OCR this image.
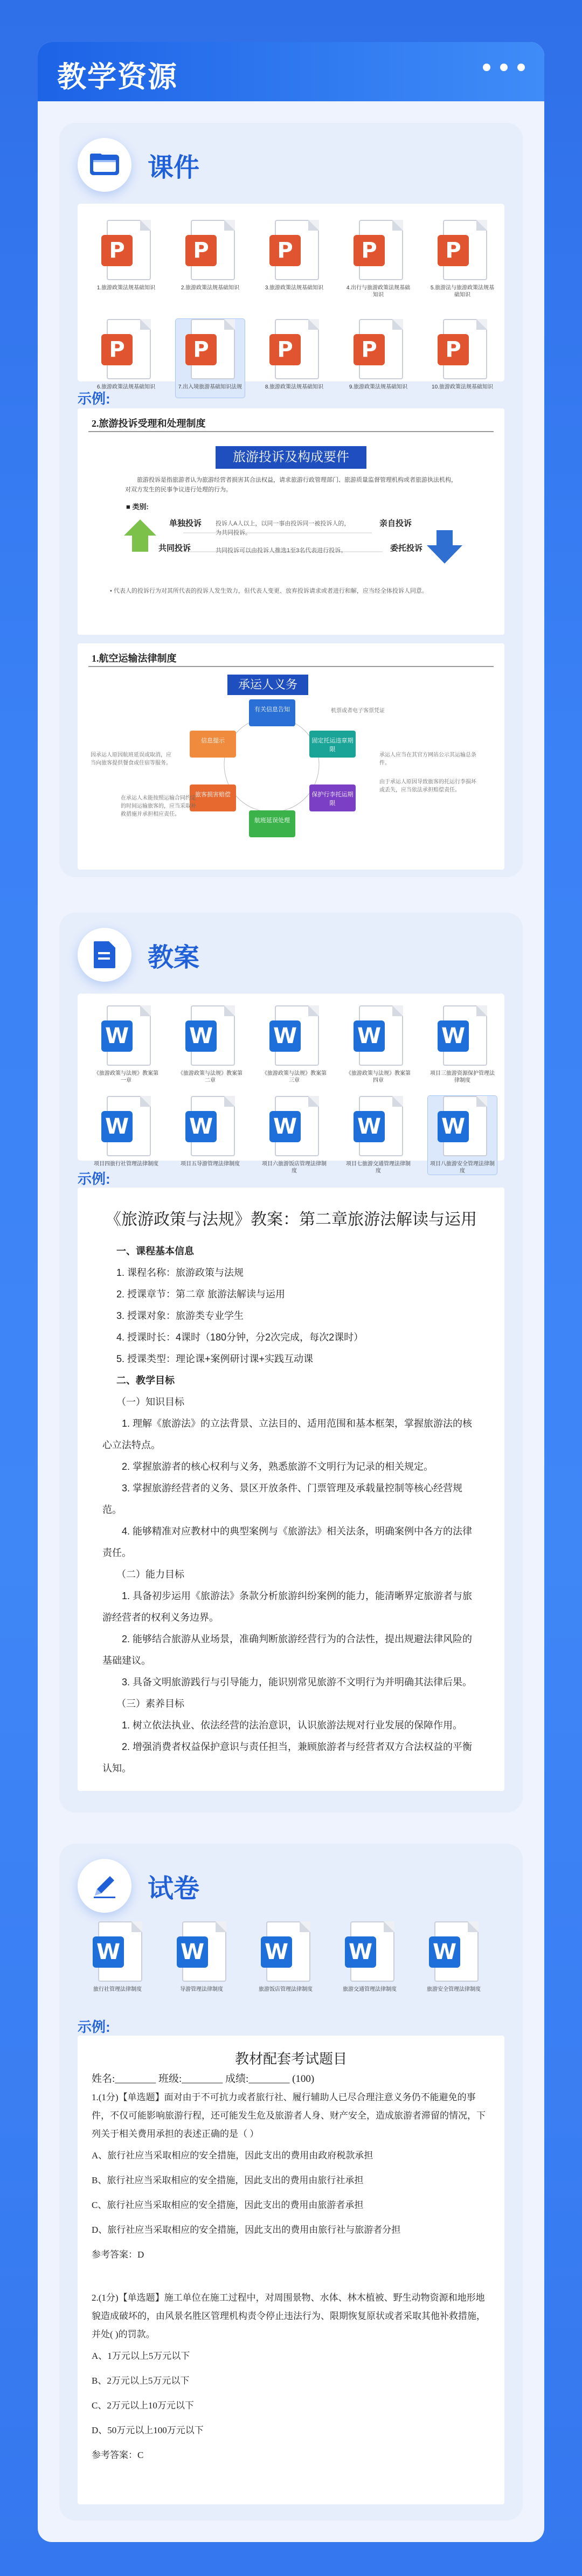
教学资源
课件
P
1.旅游政策法规基础知识
P
2.旅游政策法规基础知识
P
3.旅游政策法规基础知识
P
4.出行与旅游政策法规基础知识
P
5.旅游法与旅游政策法规基础知识
P
6.旅游政策法规基础知识
P
7.出入境旅游基础知识法规
P
8.旅游政策法规基础知识
P
9.旅游政策法规基础知识
P
10.旅游政策法规基础知识
示例:
2.旅游投诉受理和处理制度
旅游投诉及构成要件
旅游投诉是指旅游者认为旅游经营者损害其合法权益，请求旅游行政管理部门、旅游质量监督管理机构或者旅游执法机构，对双方发生的民事争议进行处理的行为。
■ 类别:
单独投诉
共同投诉
亲自投诉
委托投诉
投诉人A人以上，以同一事由投诉同一被投诉人的，为共同投诉。
共同投诉可以由投诉人推选1至3名代表进行投诉。
• 代表人的投诉行为对其所代表的投诉人发生效力，但代表人变更、放弃投诉请求或者进行和解，应当经全体投诉人同意。
1.航空运输法律制度
承运人义务
有关信息告知
固定托运违章期限
保护行李托运期限
航班延误处理
旅客损害赔偿
信息提示
机票或者电子客票凭证
因承运人原因航班延误或取消，应当向旅客提供餐食或住宿等服务。
在承运人未能按照运输合同约定的时间运输旅客的，应当采取补救措施并承担相应责任。
承运人应当在其官方网站公示其运输总条件。
由于承运人原因导致旅客的托运行李损坏或丢失，应当依法承担赔偿责任。
教案
W
《旅游政策与法规》教案第一章
W
《旅游政策与法规》教案第二章
W
《旅游政策与法规》教案第三章
W
《旅游政策与法规》教案第四章
W
项目三旅游资源保护管理法律制度
W
项目四旅行社管理法律制度
W
项目五导游管理法律制度
W
项目六旅游饭店管理法律制度
W
项目七旅游交通管理法律制度
W
项目八旅游安全管理法律制度
示例:
《旅游政策与法规》教案：第二章旅游法解读与运用

一、课程基本信息

1. 课程名称：旅游政策与法规

2. 授课章节：第二章 旅游法解读与运用

3. 授课对象：旅游类专业学生

4. 授课时长：4课时（180分钟，分2次完成，每次2课时）

5. 授课类型：理论课+案例研讨课+实践互动课

二、教学目标

（一）知识目标

1. 理解《旅游法》的立法背景、立法目的、适用范围和基本框架，掌握旅游法的核心立法特点。

2. 掌握旅游者的核心权利与义务，熟悉旅游不文明行为记录的相关规定。

3. 掌握旅游经营者的义务、景区开放条件、门票管理及承载量控制等核心经营规范。

4. 能够精准对应教材中的典型案例与《旅游法》相关法条，明确案例中各方的法律责任。

（二）能力目标

1. 具备初步运用《旅游法》条款分析旅游纠纷案例的能力，能清晰界定旅游者与旅游经营者的权利义务边界。

2. 能够结合旅游从业场景，准确判断旅游经营行为的合法性，提出规避法律风险的基础建议。

3. 具备文明旅游践行与引导能力，能识别常见旅游不文明行为并明确其法律后果。

（三）素养目标

1. 树立依法执业、依法经营的法治意识，认识旅游法规对行业发展的保障作用。

2. 增强消费者权益保护意识与责任担当，兼顾旅游者与经营者双方合法权益的平衡认知。

试卷
W
旅行社管理法律制度
W
导游管理法律制度
W
旅游饭店管理法律制度
W
旅游交通管理法律制度
W
旅游安全管理法律制度
示例:
教材配套考试题目
姓名:________ 班级:________ 成绩:________ (100)
1.(1分)【单选题】面对由于不可抗力或者旅行社、履行辅助人已尽合理注意义务仍不能避免的事件，不仅可能影响旅游行程，还可能发生危及旅游者人身、财产安全，造成旅游者滞留的情况，下列关于相关费用承担的表述正确的是（ ）
A、旅行社应当采取相应的安全措施，因此支出的费用由政府税款承担
B、旅行社应当采取相应的安全措施，因此支出的费用由旅行社承担
C、旅行社应当采取相应的安全措施，因此支出的费用由旅游者承担
D、旅行社应当采取相应的安全措施，因此支出的费用由旅行社与旅游者分担
参考答案：D
2.(1分)【单选题】施工单位在施工过程中，对周围景物、水体、林木植被、野生动物资源和地形地貌造成破坏的，由风景名胜区管理机构责令停止违法行为、限期恢复原状或者采取其他补救措施，并处( )的罚款。
A、1万元以上5万元以下
B、2万元以上5万元以下
C、2万元以上10万元以下
D、50万元以上100万元以下
参考答案：C
